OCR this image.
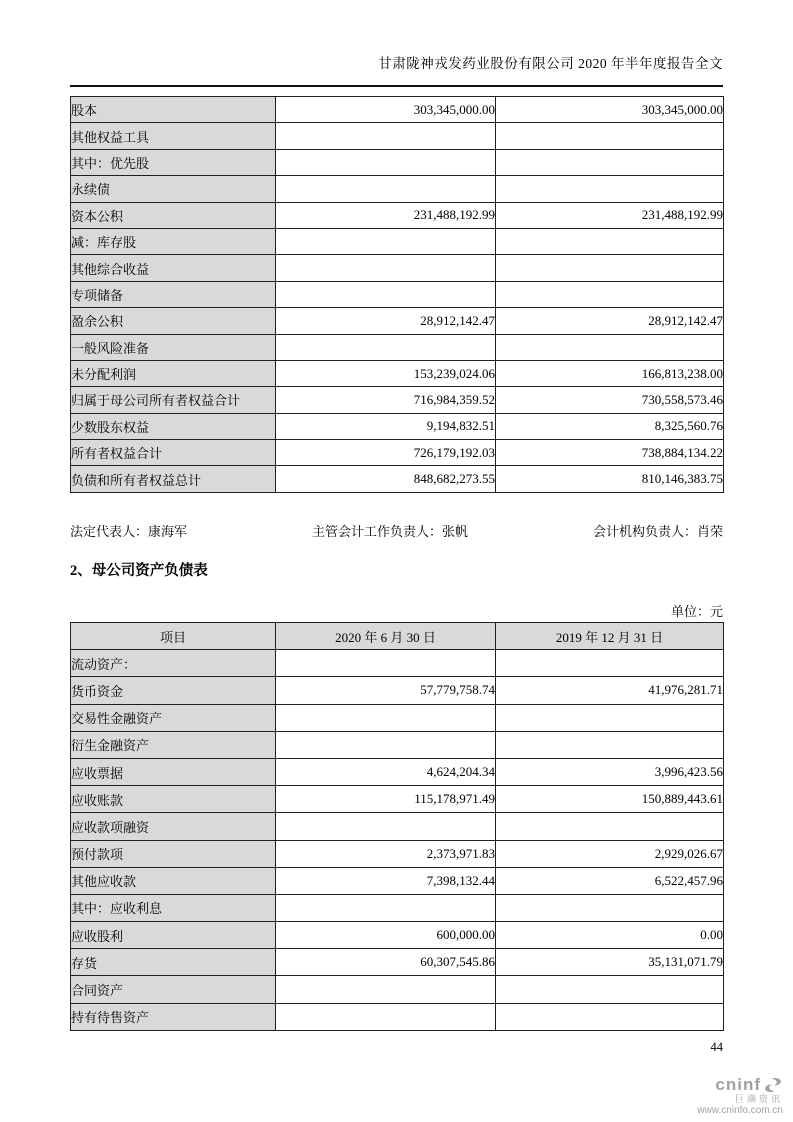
甘肃陇神戎发药业股份有限公司 2020 年半年度报告全文
股本	303,345,000.00	303,345,000.00
其他权益工具		
其中：优先股		
永续债		
资本公积	231,488,192.99	231,488,192.99
减：库存股		
其他综合收益		
专项储备		
盈余公积	28,912,142.47	28,912,142.47
一般风险准备		
未分配利润	153,239,024.06	166,813,238.00
归属于母公司所有者权益合计	716,984,359.52	730,558,573.46
少数股东权益	9,194,832.51	8,325,560.76
所有者权益合计	726,179,192.03	738,884,134.22
负债和所有者权益总计	848,682,273.55	810,146,383.75
法定代表人：康海军	主管会计工作负责人：张帆	会计机构负责人：肖荣
2、母公司资产负债表
单位：元
项目	2020 年 6 月 30 日	2019 年 12 月 31 日
流动资产：		
货币资金	57,779,758.74	41,976,281.71
交易性金融资产		
衍生金融资产		
应收票据	4,624,204.34	3,996,423.56
应收账款	115,178,971.49	150,889,443.61
应收款项融资		
预付款项	2,373,971.83	2,929,026.67
其他应收款	7,398,132.44	6,522,457.96
其中：应收利息		
应收股利	600,000.00	0.00
存货	60,307,545.86	35,131,071.79
合同资产		
持有待售资产		
44
cninf
巨潮资讯
www.cninfo.com.cn
